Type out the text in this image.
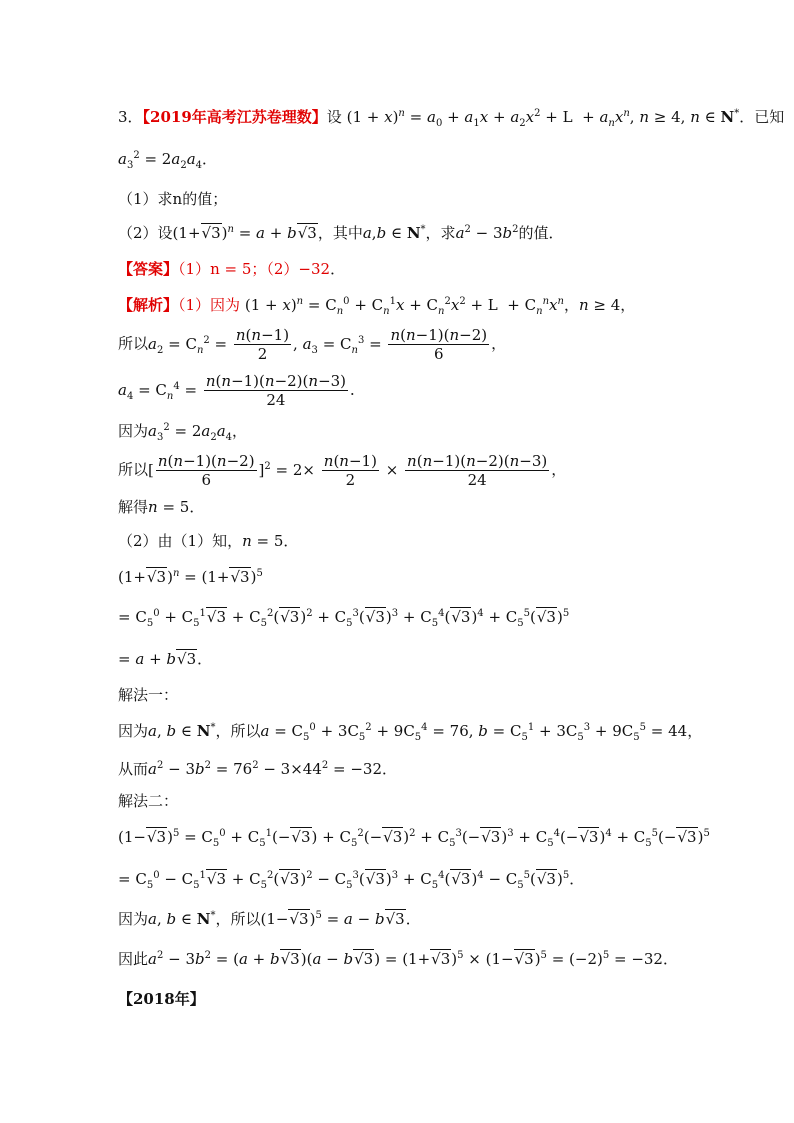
3．【2019年高考江苏卷理数】设 $(1 + x)^n = a_0 + a_1x + a_2x^2 + L + a_nx^n$, n ≥ 4, n ∈ N*．已知
$a_3^2 = 2a_2a_4$．
（1）求n的值；
（2）设$(1+√3)^n = a + b√3$，其中a,b ∈ N*，求$a^2 - 3b^2$的值．
【答案】（1）n = 5；（2）−32．
【解析】（1）因为 $(1 + x)^n = C_n^0 + C_n^1x + C_n^2x^2 + L + C_n^nx^n$，n ≥ 4，
所以$a_2 = C_n^2 = \frac{n(n-1)}{2}$ , $a_3 = C_n^3 = \frac{n(n-1)(n-2)}{6}$ ，
$a_4 = C_n^4 = \frac{n(n-1)(n-2)(n-3)}{24}$ ．
因为$a_3^2 = 2a_2a_4$，
所以[ $\frac{n(n-1)(n-2)}{6} ]^2 = 2\times \frac{n(n-1)}{2} \times \frac{n(n-1)(n-2)(n-3)}{24}$ ，
解得n = 5．
（2）由（1）知，n = 5．
$(1+√3)^n = (1+√3)^5$
= $C_5^0 + C_5^1√3 + C_5^2(√3)^2 + C_5^3(√3)^3 + C_5^4(√3)^4 + C_5^5(√3)^5$
= a + b√3．
解法一：
因为a, b ∈ N*，所以$a = C_5^0 + 3C_5^2 + 9C_5^4 = 76$, $b = C_5^1 + 3C_5^3 + 9C_5^5 = 44$，
从而$a^2 - 3b^2 = 76^2 - 3\times 44^2 = -32$．
解法二：
$(1-√3)^5 = C_5^0 + C_5^1(-√3) + C_5^2(-√3)^2 + C_5^3(-√3)^3 + C_5^4(-√3)^4 + C_5^5(-√3)^5$
= $C_5^0 - C_5^1√3 + C_5^2(√3)^2 - C_5^3(√3)^3 + C_5^4(√3)^4 - C_5^5(√3)^5$．
因为a, b ∈ N*，所以$(1-√3)^5 = a - b√3$．
因此$a^2 - 3b^2 = (a + b√3)(a - b√3) = (1+√3)^5 \times (1-√3)^5 = (-2)^5 = -32$．
【2018年】
